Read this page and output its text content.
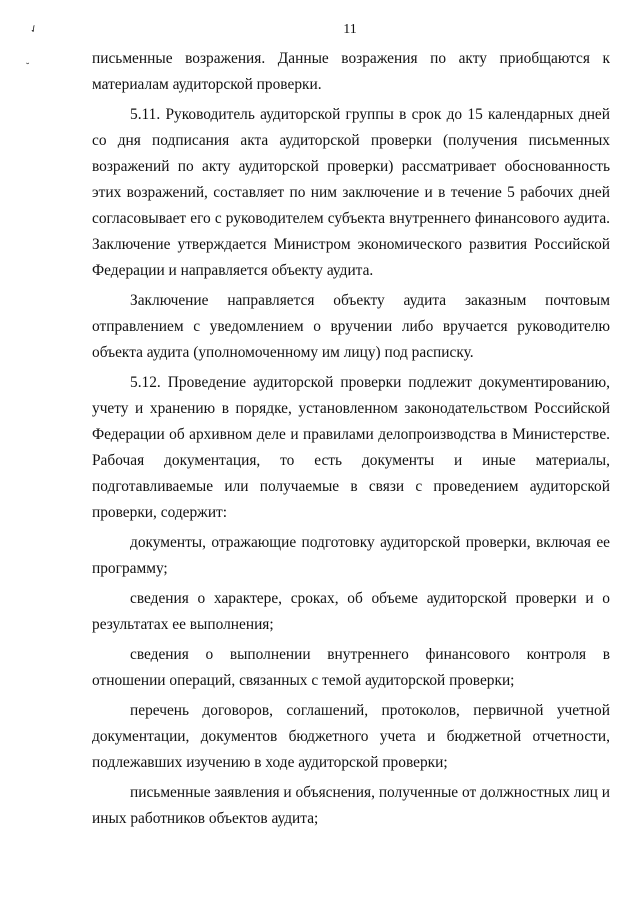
✓
˘
11

письменные возражения. Данные возражения по акту приобщаются к материалам аудиторской проверки.

5.11. Руководитель аудиторской группы в срок до 15 календарных дней со дня подписания акта аудиторской проверки (получения письменных возражений по акту аудиторской проверки) рассматривает обоснованность этих возражений, составляет по ним заключение и в течение 5 рабочих дней согласовывает его с руководителем субъекта внутреннего финансового аудита. Заключение утверждается Министром экономического развития Российской Федерации и направляется объекту аудита.

Заключение направляется объекту аудита заказным почтовым отправлением с уведомлением о вручении либо вручается руководителю объекта аудита (уполномоченному им лицу) под расписку.

5.12. Проведение аудиторской проверки подлежит документированию, учету и хранению в порядке, установленном законодательством Российской Федерации об архивном деле и правилами делопроизводства в Министерстве. Рабочая документация, то есть документы и иные материалы, подготавливаемые или получаемые в связи с проведением аудиторской проверки, содержит:

документы, отражающие подготовку аудиторской проверки, включая ее программу;

сведения о характере, сроках, об объеме аудиторской проверки и о результатах ее выполнения;

сведения о выполнении внутреннего финансового контроля в отношении операций, связанных с темой аудиторской проверки;

перечень договоров, соглашений, протоколов, первичной учетной документации, документов бюджетного учета и бюджетной отчетности, подлежавших изучению в ходе аудиторской проверки;

письменные заявления и объяснения, полученные от должностных лиц и иных работников объектов аудита;
